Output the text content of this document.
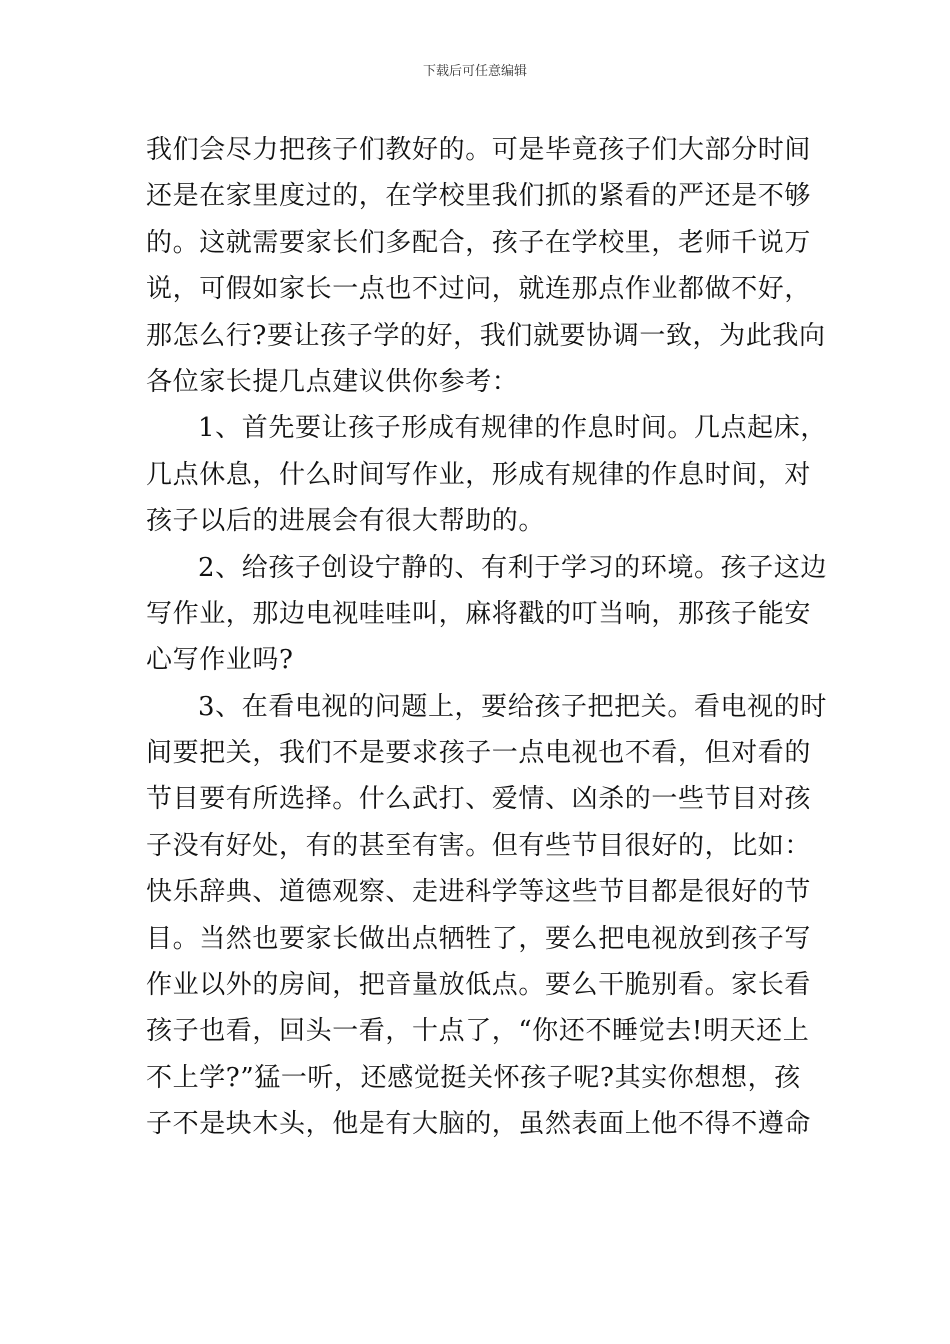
下载后可任意编辑
我们会尽力把孩子们教好的。可是毕竟孩子们大部分时间
还是在家里度过的，在学校里我们抓的紧看的严还是不够
的。这就需要家长们多配合，孩子在学校里，老师千说万
说，可假如家长一点也不过问，就连那点作业都做不好，
那怎么行?要让孩子学的好，我们就要协调一致，为此我向
各位家长提几点建议供你参考：
1、首先要让孩子形成有规律的作息时间。几点起床，
几点休息，什么时间写作业，形成有规律的作息时间，对
孩子以后的进展会有很大帮助的。
2、给孩子创设宁静的、有利于学习的环境。孩子这边
写作业，那边电视哇哇叫，麻将戳的叮当响，那孩子能安
心写作业吗?
3、在看电视的问题上，要给孩子把把关。看电视的时
间要把关，我们不是要求孩子一点电视也不看，但对看的
节目要有所选择。什么武打、爱情、凶杀的一些节目对孩
子没有好处，有的甚至有害。但有些节目很好的，比如：
快乐辞典、道德观察、走进科学等这些节目都是很好的节
目。当然也要家长做出点牺牲了，要么把电视放到孩子写
作业以外的房间，把音量放低点。要么干脆别看。家长看
孩子也看，回头一看，十点了，“你还不睡觉去!明天还上
不上学?”猛一听，还感觉挺关怀孩子呢?其实你想想，孩
子不是块木头，他是有大脑的，虽然表面上他不得不遵命
